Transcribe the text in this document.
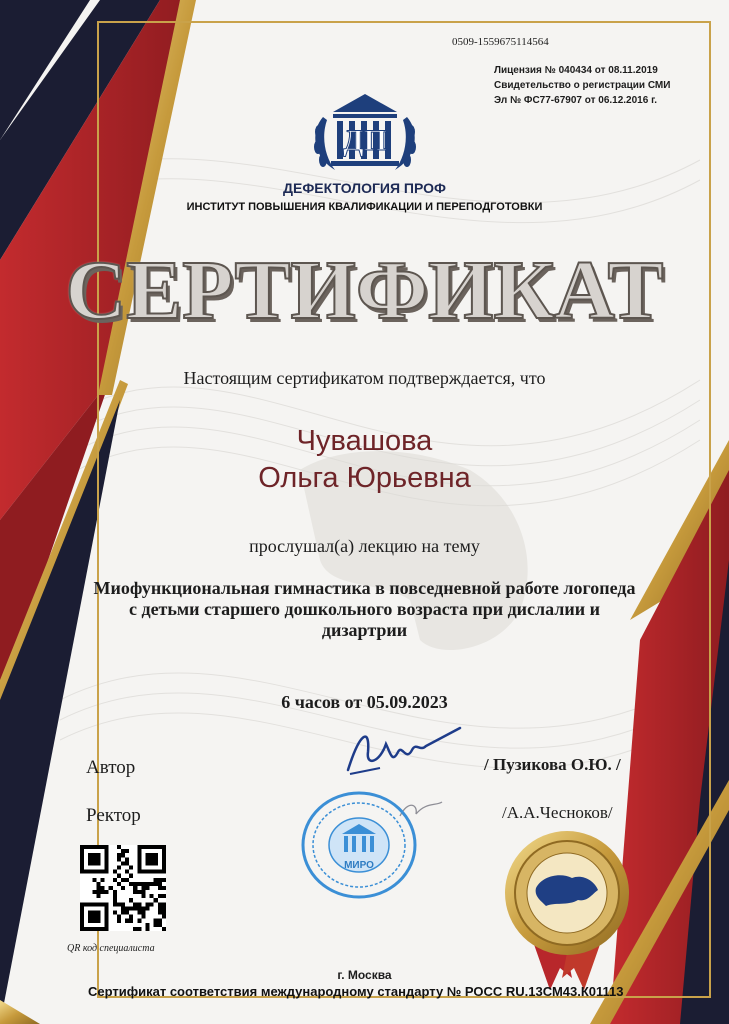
0509-1559675114564
Лицензия № 040434 от 08.11.2019
Свидетельство о регистрации СМИ
Эл № ФС77-67907 от 06.12.2016 г.
ДП
ДЕФЕКТОЛОГИЯ ПРОФ
ИНСТИТУТ ПОВЫШЕНИЯ КВАЛИФИКАЦИИ И ПЕРЕПОДГОТОВКИ
СЕРТИФИКАТ
Настоящим сертификатом подтверждается, что
Чувашова
Ольга Юрьевна
прослушал(а) лекцию на тему
Миофункциональная гимнастика в повседневной работе логопеда
с детьми старшего дошкольного возраста при дислалии и
дизартрии
6 часов от 05.09.2023
Автор	/ Пузикова О.Ю. /
Ректор	/А.А.Чесноков/
МИРО
QR код специалиста
г. Москва
Сертификат соответствия международному стандарту № РОСС RU.13СМ43.К01113
